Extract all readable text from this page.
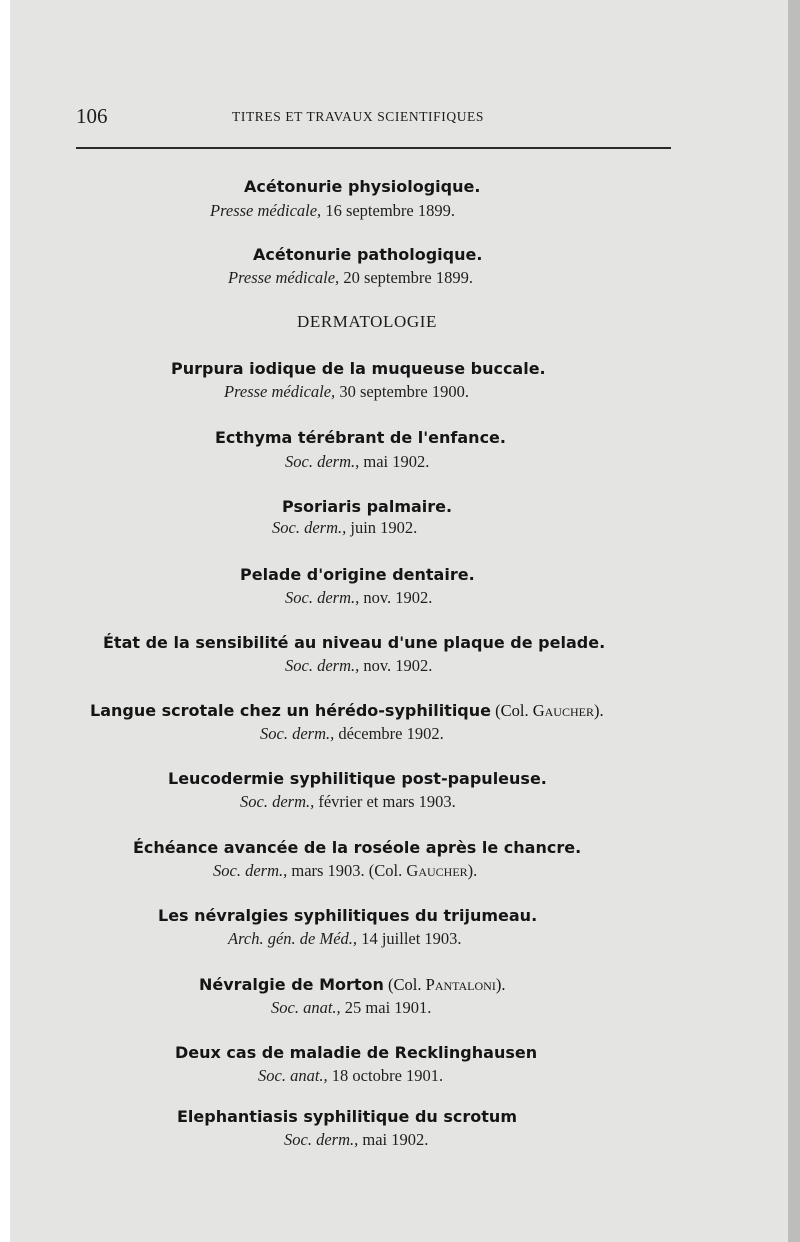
106	TITRES ET TRAVAUX SCIENTIFIQUES
Acétonurie physiologique.
Presse médicale, 16 septembre 1899.
Acétonurie pathologique.
Presse médicale, 20 septembre 1899.
DERMATOLOGIE
Purpura iodique de la muqueuse buccale.
Presse médicale, 30 septembre 1900.
Ecthyma térébrant de l'enfance.
Soc. derm., mai 1902.
Psoriaris palmaire.
Soc. derm., juin 1902.
Pelade d'origine dentaire.
Soc. derm., nov. 1902.
État de la sensibilité au niveau d'une plaque de pelade.
Soc. derm., nov. 1902.
Langue scrotale chez un hérédo-syphilitique (Col. Gaucher).
Soc. derm., décembre 1902.
Leucodermie syphilitique post-papuleuse.
Soc. derm., février et mars 1903.
Échéance avancée de la roséole après le chancre.
Soc. derm., mars 1903. (Col. Gaucher).
Les névralgies syphilitiques du trijumeau.
Arch. gén. de Méd., 14 juillet 1903.
Névralgie de Morton (Col. Pantaloni).
Soc. anat., 25 mai 1901.
Deux cas de maladie de Recklinghausen
Soc. anat., 18 octobre 1901.
Elephantiasis syphilitique du scrotum
Soc. derm., mai 1902.
